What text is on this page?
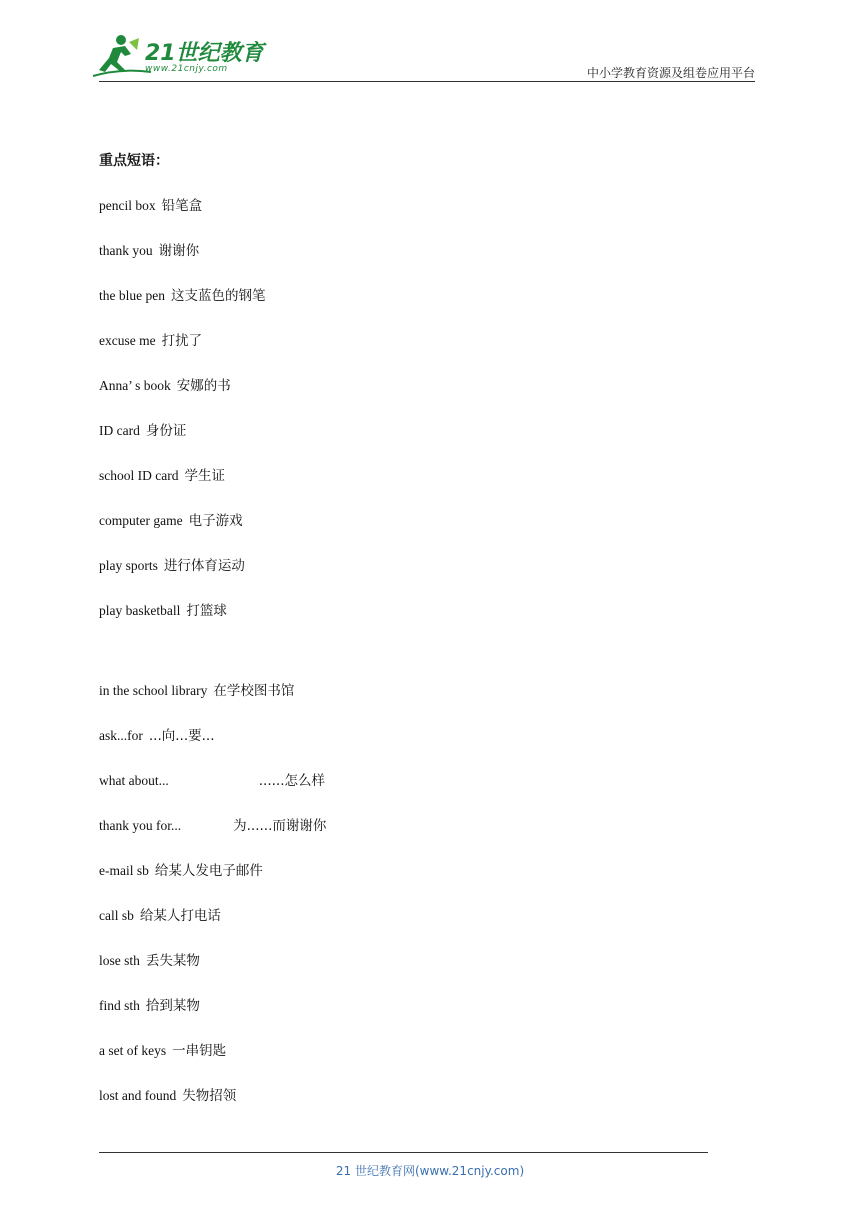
21世纪教育
www.21cnjy.com	中小学教育资源及组卷应用平台

重点短语：

pencil box 铅笔盒
thank you 谢谢你
the blue pen 这支蓝色的钢笔
excuse me 打扰了
Anna’ s book 安娜的书
ID card 身份证
school ID card 学生证
computer game 电子游戏
play sports 进行体育运动
play basketball 打篮球
in the school library 在学校图书馆
ask...for ...向...要...
what about...	......怎么样
thank you for...	为......而谢谢你
e-mail sb 给某人发电子邮件
call sb 给某人打电话
lose sth 丢失某物
find sth 拾到某物
a set of keys 一串钥匙
lost and found 失物招领
21 世纪教育网(www.21cnjy.com)
